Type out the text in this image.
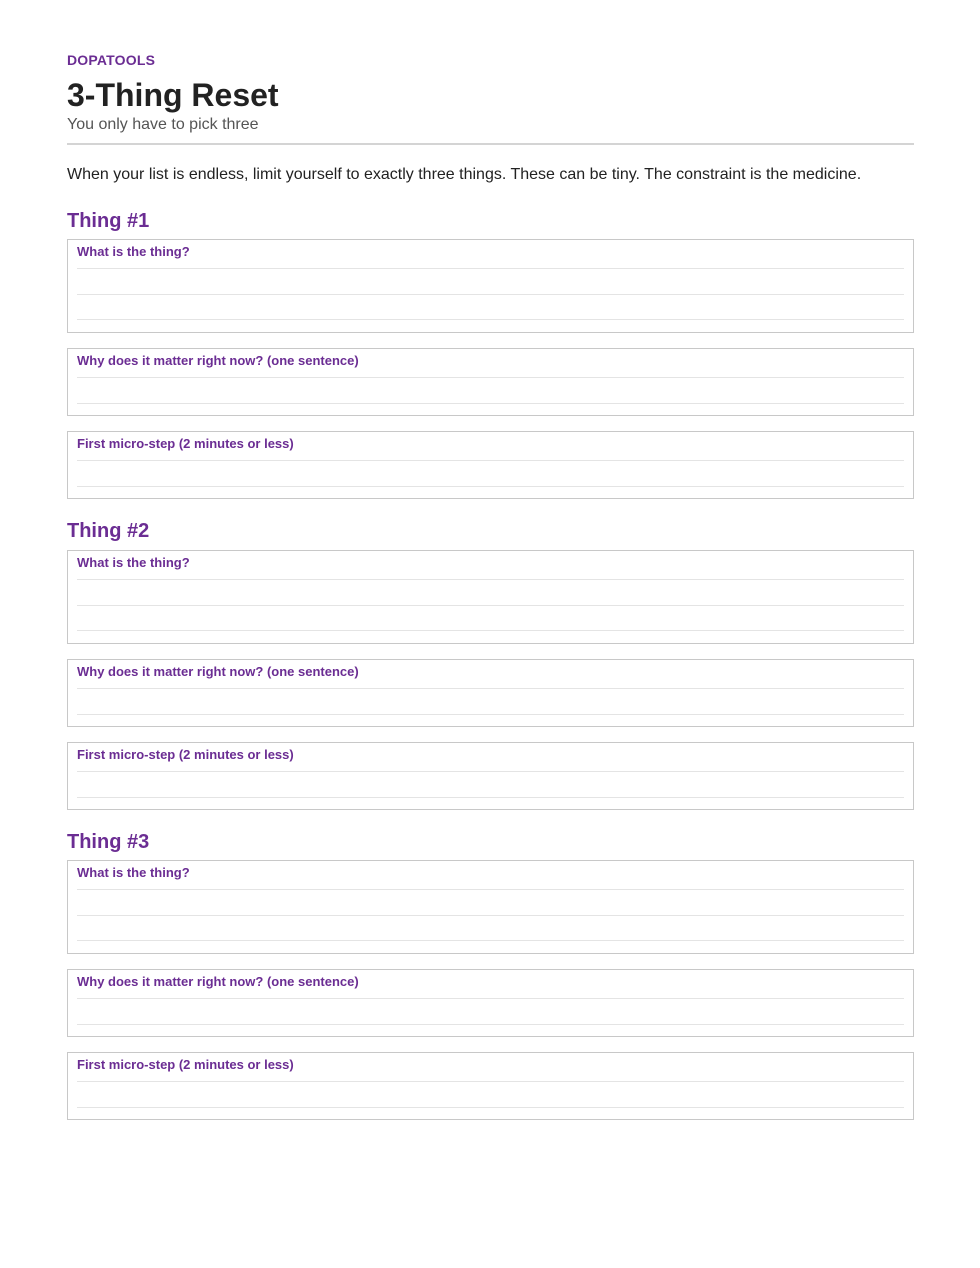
DOPATOOLS
3-Thing Reset
You only have to pick three
When your list is endless, limit yourself to exactly three things. These can be tiny. The constraint is the medicine.
Thing #1
What is the thing?
Why does it matter right now? (one sentence)
First micro-step (2 minutes or less)
Thing #2
What is the thing?
Why does it matter right now? (one sentence)
First micro-step (2 minutes or less)
Thing #3
What is the thing?
Why does it matter right now? (one sentence)
First micro-step (2 minutes or less)
